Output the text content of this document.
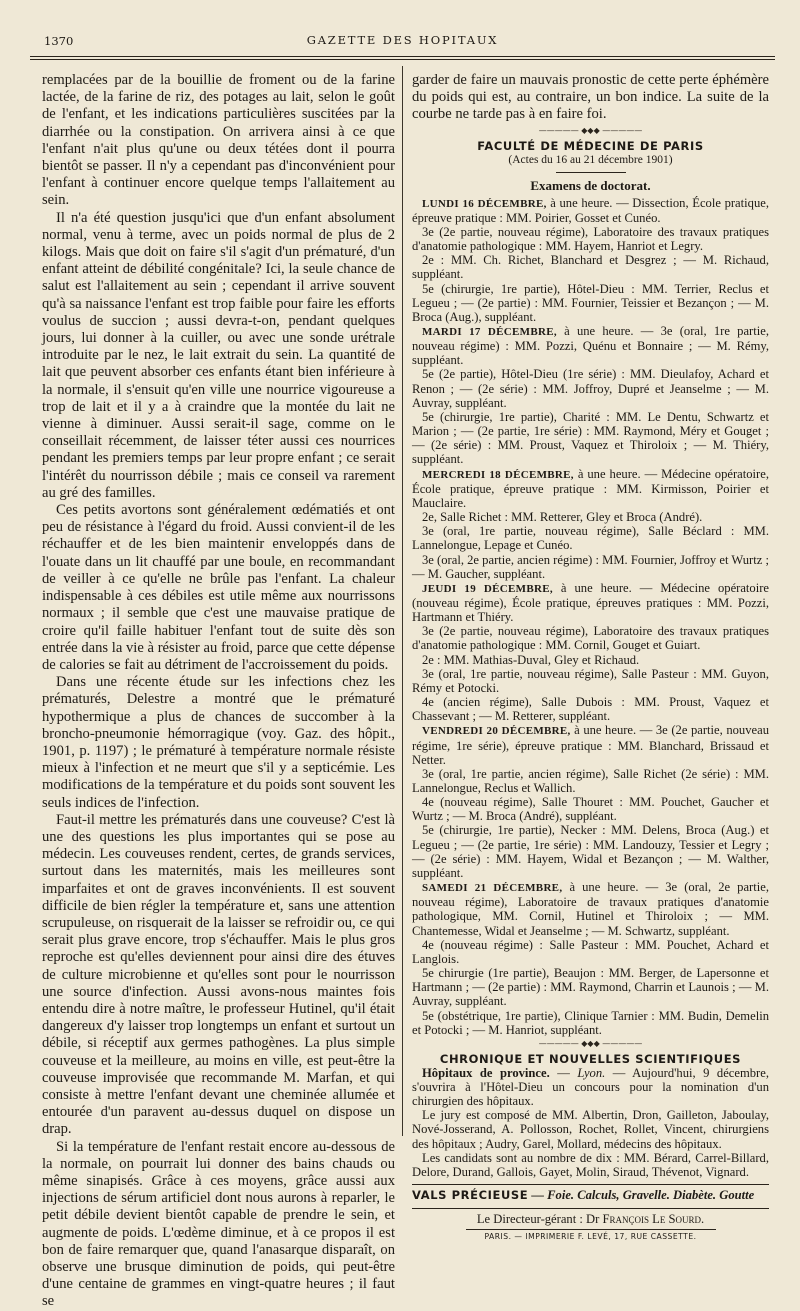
1370	GAZETTE DES HOPITAUX

remplacées par de la bouillie de froment ou de la farine lactée, de la farine de riz, des potages au lait, selon le goût de l'enfant, et les indications particulières suscitées par la diarrhée ou la constipation. On arrivera ainsi à ce que l'enfant n'ait plus qu'une ou deux tétées dont il pourra bientôt se passer. Il n'y a cependant pas d'inconvénient pour l'enfant à continuer encore quelque temps l'allaitement au sein.

Il n'a été question jusqu'ici que d'un enfant absolument normal, venu à terme, avec un poids normal de plus de 2 kilogs. Mais que doit on faire s'il s'agit d'un prématuré, d'un enfant atteint de débilité congénitale? Ici, la seule chance de salut est l'allaitement au sein ; cependant il arrive souvent qu'à sa naissance l'enfant est trop faible pour faire les efforts voulus de succion ; aussi devra-t-on, pendant quelques jours, lui donner à la cuiller, ou avec une sonde urétrale introduite par le nez, le lait extrait du sein. La quantité de lait que peuvent absorber ces enfants étant bien inférieure à la normale, il s'ensuit qu'en ville une nourrice vigoureuse a trop de lait et il y a à craindre que la montée du lait ne vienne à diminuer. Aussi serait-il sage, comme on le conseillait récemment, de laisser téter aussi ces nourrices pendant les premiers temps par leur propre enfant ; ce serait l'intérêt du nourrisson débile ; mais ce conseil va rarement au gré des familles.

Ces petits avortons sont généralement œdématiés et ont peu de résistance à l'égard du froid. Aussi convient-il de les réchauffer et de les bien maintenir enveloppés dans de l'ouate dans un lit chauffé par une boule, en recommandant de veiller à ce qu'elle ne brûle pas l'enfant. La chaleur indispensable à ces débiles est utile même aux nourrissons normaux ; il semble que c'est une mauvaise pratique de croire qu'il faille habituer l'enfant tout de suite dès son entrée dans la vie à résister au froid, parce que cette dépense de calories se fait au détriment de l'accroissement du poids.

Dans une récente étude sur les infections chez les prématurés, Delestre a montré que le prématuré hypothermique a plus de chances de succomber à la broncho-pneumonie hémorragique (voy. Gaz. des hôpit., 1901, p. 1197) ; le prématuré à température normale résiste mieux à l'infection et ne meurt que s'il y a septicémie. Les modifications de la température et du poids sont souvent les seuls indices de l'infection.

Faut-il mettre les prématurés dans une couveuse? C'est là une des questions les plus importantes qui se pose au médecin. Les couveuses rendent, certes, de grands services, surtout dans les maternités, mais les meilleures sont imparfaites et ont de graves inconvénients. Il est souvent difficile de bien régler la température et, sans une attention scrupuleuse, on risquerait de la laisser se refroidir ou, ce qui serait plus grave encore, trop s'échauffer. Mais le plus gros reproche est qu'elles deviennent pour ainsi dire des étuves de culture microbienne et qu'elles sont pour le nourrisson une source d'infection. Aussi avons-nous maintes fois entendu dire à notre maître, le professeur Hutinel, qu'il était dangereux d'y laisser trop longtemps un enfant et surtout un débile, si réceptif aux germes pathogènes. La plus simple couveuse et la meilleure, au moins en ville, est peut-être la couveuse improvisée que recommande M. Marfan, et qui consiste à mettre l'enfant devant une cheminée allumée et entourée d'un paravent au-dessus duquel on dispose un drap.

Si la température de l'enfant restait encore au-dessous de la normale, on pourrait lui donner des bains chauds ou même sinapisés. Grâce à ces moyens, grâce aussi aux injections de sérum artificiel dont nous aurons à reparler, le petit débile devient bientôt capable de prendre le sein, et augmente de poids. L'œdème diminue, et à ce propos il est bon de faire remarquer que, quand l'anasarque disparaît, on observe une brusque diminution de poids, qui peut-être d'une centaine de grammes en vingt-quatre heures ; il faut se

garder de faire un mauvais pronostic de cette perte éphémère du poids qui est, au contraire, un bon indice. La suite de la courbe ne tarde pas à en faire foi.

————— ◆◆◆ —————
FACULTÉ DE MÉDECINE DE PARIS
(Actes du 16 au 21 décembre 1901)
Examens de doctorat.

LUNDI 16 DÉCEMBRE, à une heure. — Dissection, École pratique, épreuve pratique : MM. Poirier, Gosset et Cunéo.

3e (2e partie, nouveau régime), Laboratoire des travaux pratiques d'anatomie pathologique : MM. Hayem, Hanriot et Legry.

2e : MM. Ch. Richet, Blanchard et Desgrez ; — M. Richaud, suppléant.

5e (chirurgie, 1re partie), Hôtel-Dieu : MM. Terrier, Reclus et Legueu ; — (2e partie) : MM. Fournier, Teissier et Bezançon ; — M. Broca (Aug.), suppléant.

MARDI 17 DÉCEMBRE, à une heure. — 3e (oral, 1re partie, nouveau régime) : MM. Pozzi, Quénu et Bonnaire ; — M. Rémy, suppléant.

5e (2e partie), Hôtel-Dieu (1re série) : MM. Dieulafoy, Achard et Renon ; — (2e série) : MM. Joffroy, Dupré et Jeanselme ; — M. Auvray, suppléant.

5e (chirurgie, 1re partie), Charité : MM. Le Dentu, Schwartz et Marion ; — (2e partie, 1re série) : MM. Raymond, Méry et Gouget ; — (2e série) : MM. Proust, Vaquez et Thiroloix ; — M. Thiéry, suppléant.

MERCREDI 18 DÉCEMBRE, à une heure. — Médecine opératoire, École pratique, épreuve pratique : MM. Kirmisson, Poirier et Mauclaire.

2e, Salle Richet : MM. Retterer, Gley et Broca (André).

3e (oral, 1re partie, nouveau régime), Salle Béclard : MM. Lannelongue, Lepage et Cunéo.

3e (oral, 2e partie, ancien régime) : MM. Fournier, Joffroy et Wurtz ; — M. Gaucher, suppléant.

JEUDI 19 DÉCEMBRE, à une heure. — Médecine opératoire (nouveau régime), École pratique, épreuves pratiques : MM. Pozzi, Hartmann et Thiéry.

3e (2e partie, nouveau régime), Laboratoire des travaux pratiques d'anatomie pathologique : MM. Cornil, Gouget et Guiart.

2e : MM. Mathias-Duval, Gley et Richaud.

3e (oral, 1re partie, nouveau régime), Salle Pasteur : MM. Guyon, Rémy et Potocki.

4e (ancien régime), Salle Dubois : MM. Proust, Vaquez et Chassevant ; — M. Retterer, suppléant.

VENDREDI 20 DÉCEMBRE, à une heure. — 3e (2e partie, nouveau régime, 1re série), épreuve pratique : MM. Blanchard, Brissaud et Netter.

3e (oral, 1re partie, ancien régime), Salle Richet (2e série) : MM. Lannelongue, Reclus et Wallich.

4e (nouveau régime), Salle Thouret : MM. Pouchet, Gaucher et Wurtz ; — M. Broca (André), suppléant.

5e (chirurgie, 1re partie), Necker : MM. Delens, Broca (Aug.) et Legueu ; — (2e partie, 1re série) : MM. Landouzy, Tessier et Legry ; — (2e série) : MM. Hayem, Widal et Bezançon ; — M. Walther, suppléant.

SAMEDI 21 DÉCEMBRE, à une heure. — 3e (oral, 2e partie, nouveau régime), Laboratoire de travaux pratiques d'anatomie pathologique, MM. Cornil, Hutinel et Thiroloix ; — MM. Chantemesse, Widal et Jeanselme ; — M. Schwartz, suppléant.

4e (nouveau régime) : Salle Pasteur : MM. Pouchet, Achard et Langlois.

5e chirurgie (1re partie), Beaujon : MM. Berger, de Lapersonne et Hartmann ; — (2e partie) : MM. Raymond, Charrin et Launois ; — M. Auvray, suppléant.

5e (obstétrique, 1re partie), Clinique Tarnier : MM. Budin, Demelin et Potocki ; — M. Hanriot, suppléant.

————— ◆◆◆ —————
CHRONIQUE ET NOUVELLES SCIENTIFIQUES

Hôpitaux de province. — Lyon. — Aujourd'hui, 9 décembre, s'ouvrira à l'Hôtel-Dieu un concours pour la nomination d'un chirurgien des hôpitaux.

Le jury est composé de MM. Albertin, Dron, Gailleton, Jaboulay, Nové-Josserand, A. Pollosson, Rochet, Rollet, Vincent, chirurgiens des hôpitaux ; Audry, Garel, Mollard, médecins des hôpitaux.

Les candidats sont au nombre de dix : MM. Bérard, Carrel-Billard, Delore, Durand, Gallois, Gayet, Molin, Siraud, Thévenot, Vignard.

VALS PRÉCIEUSE — Foie. Calculs, Gravelle. Diabète. Goutte
Le Directeur-gérant : Dr François Le Sourd.
PARIS. — IMPRIMERIE F. LEVÉ, 17, RUE CASSETTE.
